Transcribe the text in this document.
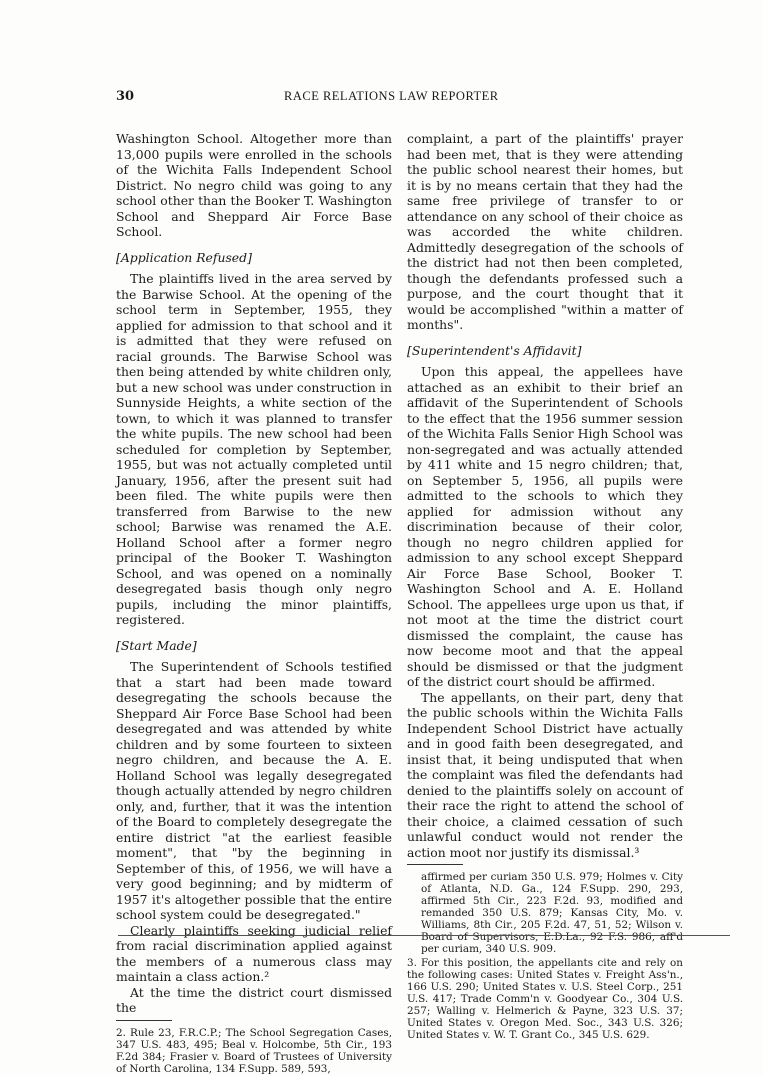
30	RACE RELATIONS LAW REPORTER

Washington School. Altogether more than 13,000 pupils were enrolled in the schools of the Wichita Falls Independent School District. No negro child was going to any school other than the Booker T. Washington School and Sheppard Air Force Base School.

[Application Refused]

The plaintiffs lived in the area served by the Barwise School. At the opening of the school term in September, 1955, they applied for admission to that school and it is admitted that they were refused on racial grounds. The Barwise School was then being attended by white children only, but a new school was under construction in Sunnyside Heights, a white section of the town, to which it was planned to transfer the white pupils. The new school had been scheduled for completion by September, 1955, but was not actually completed until January, 1956, after the present suit had been filed. The white pupils were then transferred from Barwise to the new school; Barwise was renamed the A.E. Holland School after a former negro principal of the Booker T. Washington School, and was opened on a nominally desegregated basis though only negro pupils, including the minor plaintiffs, registered.

[Start Made]

The Superintendent of Schools testified that a start had been made toward desegregating the schools because the Sheppard Air Force Base School had been desegregated and was attended by white children and by some fourteen to sixteen negro children, and because the A. E. Holland School was legally desegregated though actually attended by negro children only, and, further, that it was the intention of the Board to completely desegregate the entire district "at the earliest feasible moment", that "by the beginning in September of this, of 1956, we will have a very good beginning; and by midterm of 1957 it's altogether possible that the entire school system could be desegregated."

Clearly plaintiffs seeking judicial relief from racial discrimination applied against the members of a numerous class may maintain a class action.²

At the time the district court dismissed the

2. Rule 23, F.R.C.P.; The School Segregation Cases, 347 U.S. 483, 495; Beal v. Holcombe, 5th Cir., 193 F.2d 384; Frasier v. Board of Trustees of University of North Carolina, 134 F.Supp. 589, 593,

complaint, a part of the plaintiffs' prayer had been met, that is they were attending the public school nearest their homes, but it is by no means certain that they had the same free privilege of transfer to or attendance on any school of their choice as was accorded the white children. Admittedly desegregation of the schools of the district had not then been completed, though the defendants professed such a purpose, and the court thought that it would be accomplished "within a matter of months".

[Superintendent's Affidavit]

Upon this appeal, the appellees have attached as an exhibit to their brief an affidavit of the Superintendent of Schools to the effect that the 1956 summer session of the Wichita Falls Senior High School was non-segregated and was actually attended by 411 white and 15 negro children; that, on September 5, 1956, all pupils were admitted to the schools to which they applied for admission without any discrimination because of their color, though no negro children applied for admission to any school except Sheppard Air Force Base School, Booker T. Washington School and A. E. Holland School. The appellees urge upon us that, if not moot at the time the district court dismissed the complaint, the cause has now become moot and that the appeal should be dismissed or that the judgment of the district court should be affirmed.

The appellants, on their part, deny that the public schools within the Wichita Falls Independent School District have actually and in good faith been desegregated, and insist that, it being undisputed that when the complaint was filed the defendants had denied to the plaintiffs solely on account of their race the right to attend the school of their choice, a claimed cessation of such unlawful conduct would not render the action moot nor justify its dismissal.³

affirmed per curiam 350 U.S. 979; Holmes v. City of Atlanta, N.D. Ga., 124 F.Supp. 290, 293, affirmed 5th Cir., 223 F.2d. 93, modified and remanded 350 U.S. 879; Kansas City, Mo. v. Williams, 8th Cir., 205 F.2d. 47, 51, 52; Wilson v. Board of Supervisors, E.D.La., 92 F.S. 986, aff'd per curiam, 340 U.S. 909.
3. For this position, the appellants cite and rely on the following cases: United States v. Freight Ass'n., 166 U.S. 290; United States v. U.S. Steel Corp., 251 U.S. 417; Trade Comm'n v. Goodyear Co., 304 U.S. 257; Walling v. Helmerich & Payne, 323 U.S. 37; United States v. Oregon Med. Soc., 343 U.S. 326; United States v. W. T. Grant Co., 345 U.S. 629.
